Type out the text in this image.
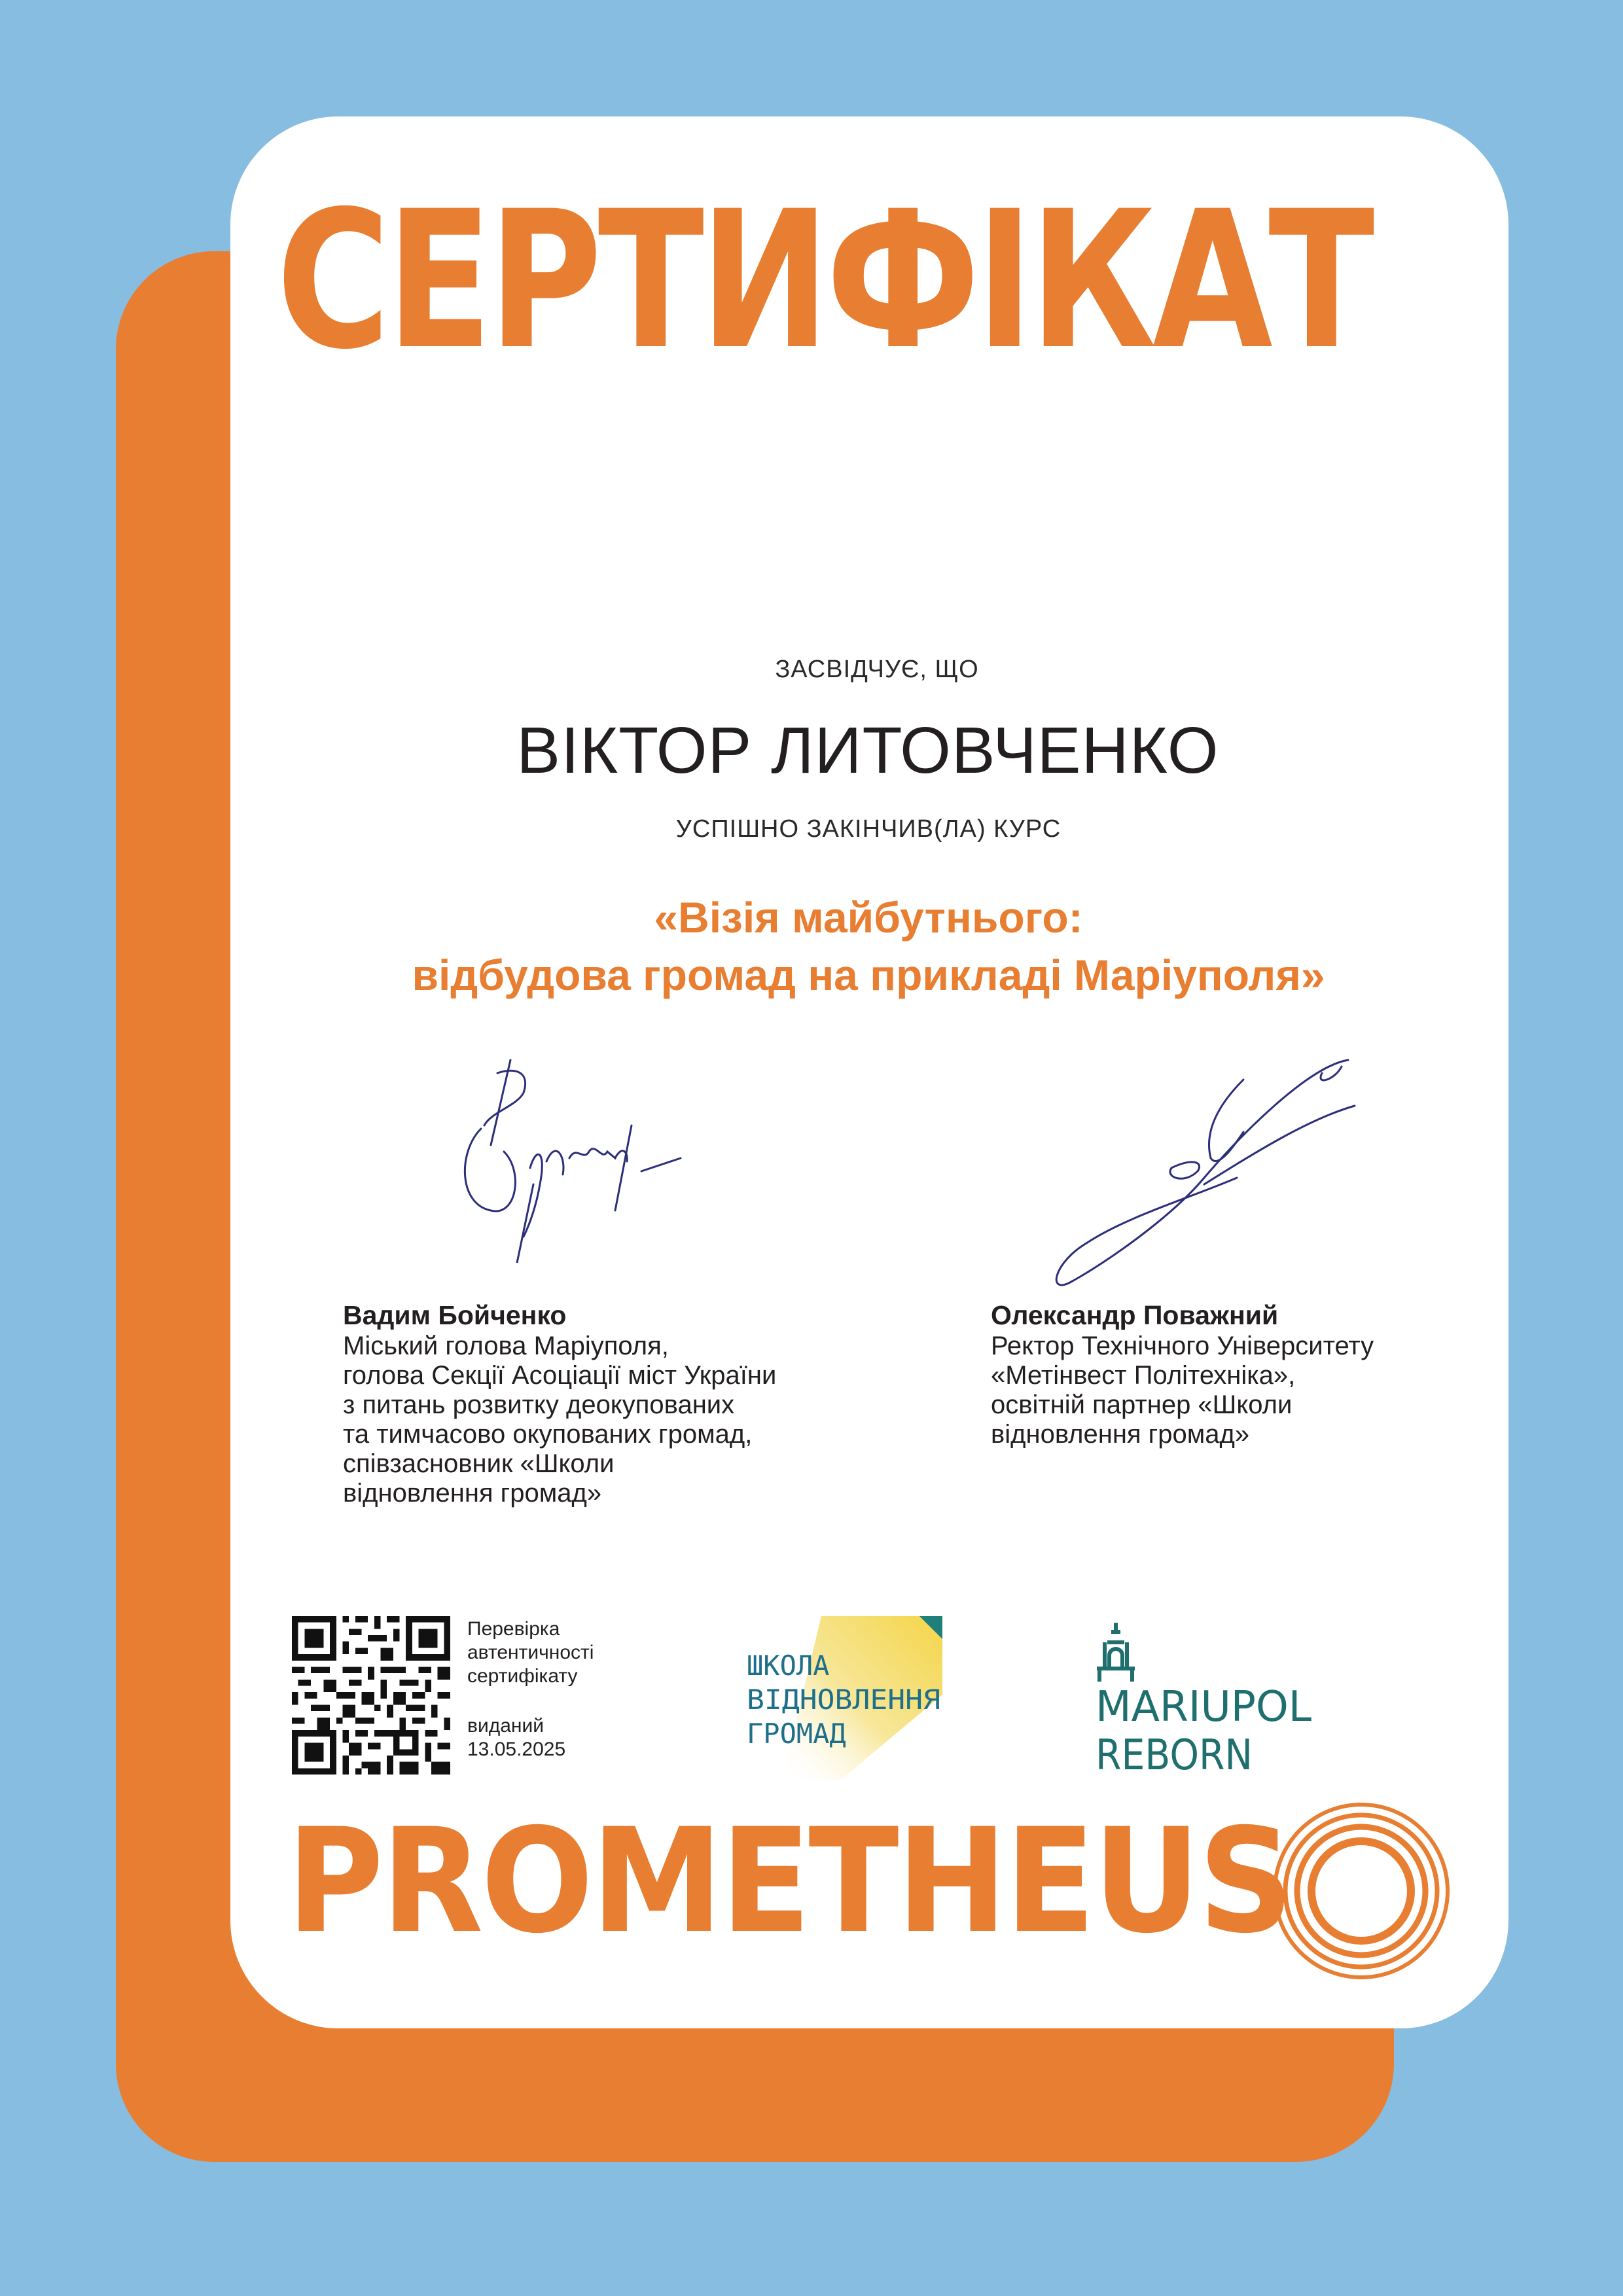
СЕРТИФІКАТ
ЗАСВІДЧУЄ, ЩО
ВІКТОР ЛИТОВЧЕНКО
УСПІШНО ЗАКІНЧИВ(ЛА) КУРС
«Візія майбутнього:
відбудова громад на прикладі Маріуполя»
Вадим Бойченко
Міський голова Маріуполя,
голова Секції Асоціації міст України
з питань розвитку деокупованих
та тимчасово окупованих громад,
співзасновник «Школи
відновлення громад»
Олександр Поважний
Ректор Технічного Університету
«Метінвест Політехніка»,
освітній партнер «Школи
відновлення громад»
Перевірка
автентичності
сертифікату
виданий
13.05.2025
ШКОЛА
ВІДНОВЛЕННЯ
ГРОМАД
MARIUPOL
REBORN
PROMETHEUS
